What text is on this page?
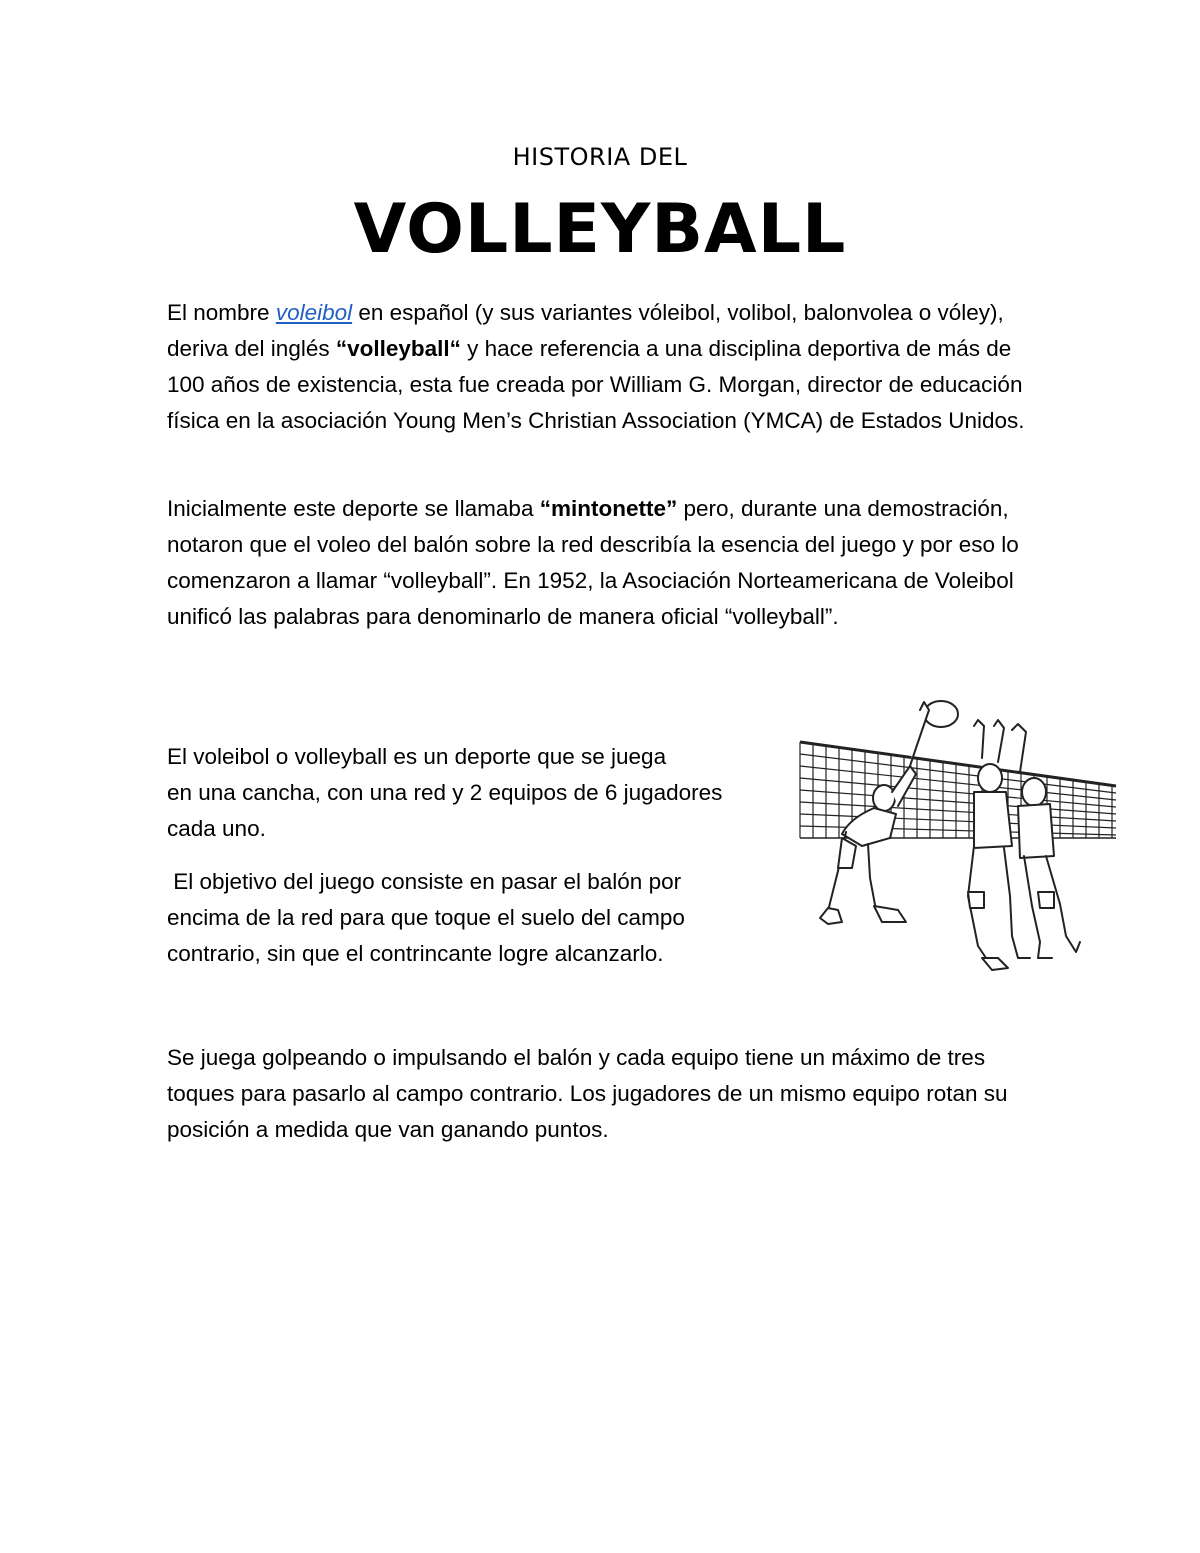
HISTORIA DEL
VOLLEYBALL

El nombre voleibol en español (y sus variantes vóleibol, volibol, balonvolea o vóley), deriva del inglés “volleyball“ y hace referencia a una disciplina deportiva de más de 100 años de existencia, esta fue creada por William G. Morgan, director de educación física en la asociación Young Men’s Christian Association (YMCA) de Estados Unidos.

Inicialmente este deporte se llamaba “mintonette” pero, durante una demostración, notaron que el voleo del balón sobre la red describía la esencia del juego y por eso lo comenzaron a llamar “volleyball”. En 1952, la Asociación Norteamericana de Voleibol unificó las palabras para denominarlo de manera oficial “volleyball”.

El voleibol o volleyball es un deporte que se juega
en una cancha, con una red y 2 equipos de 6 jugadores
cada uno.

El objetivo del juego consiste en pasar el balón por
encima de la red para que toque el suelo del campo
contrario, sin que el contrincante logre alcanzarlo.

Se juega golpeando o impulsando el balón y cada equipo tiene un máximo de tres toques para pasarlo al campo contrario. Los jugadores de un mismo equipo rotan su posición a medida que van ganando puntos.
